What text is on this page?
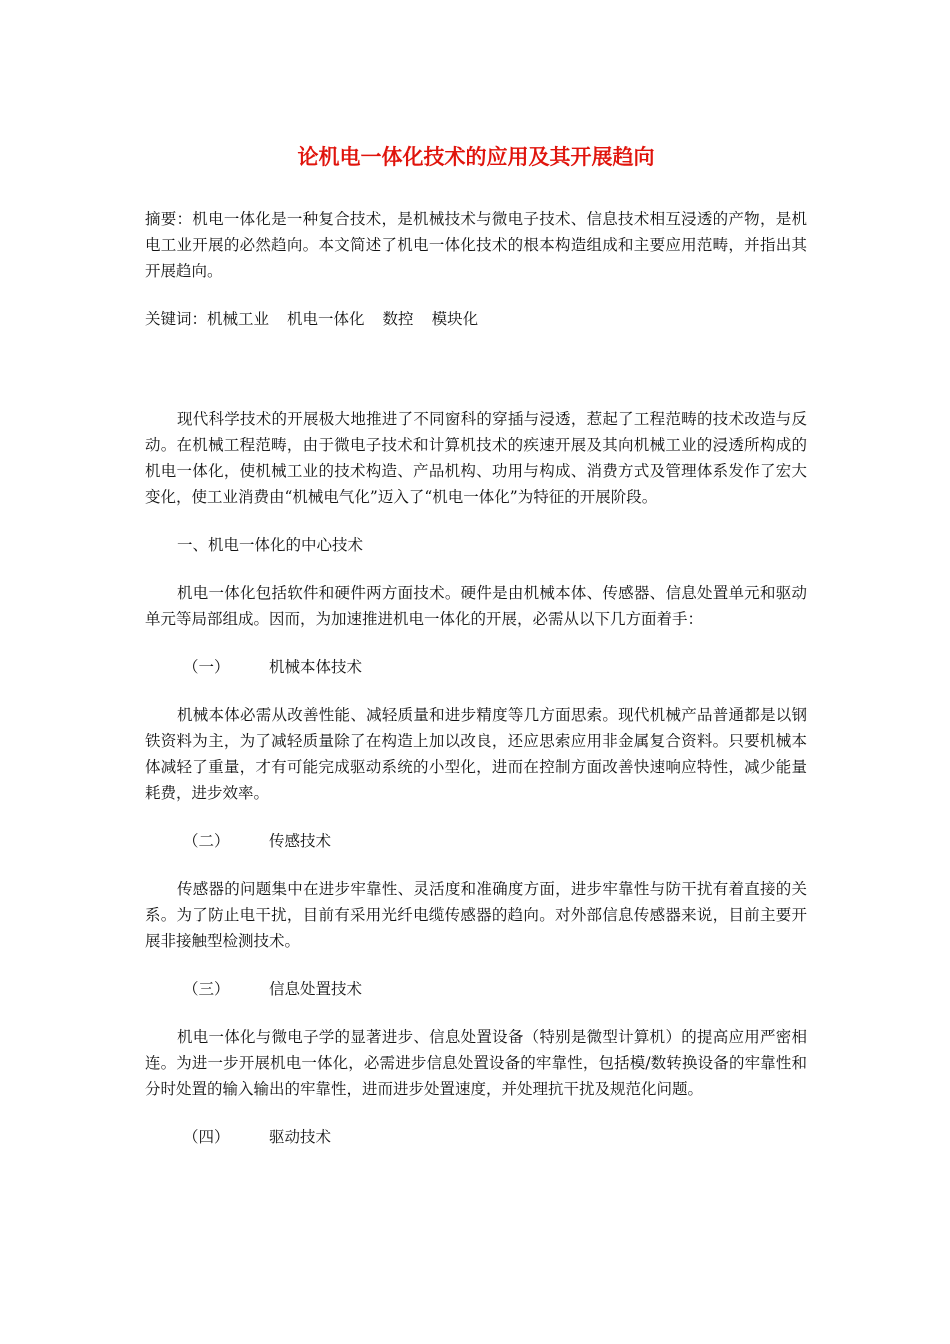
论机电一体化技术的应用及其开展趋向

摘要：机电一体化是一种复合技术，是机械技术与微电子技术、信息技术相互浸透的产物，是机电工业开展的必然趋向。本文简述了机电一体化技术的根本构造组成和主要应用范畴，并指出其开展趋向。

关键词：机械工业 机电一体化 数控 模块化

现代科学技术的开展极大地推进了不同窗科的穿插与浸透，惹起了工程范畴的技术改造与反动。在机械工程范畴，由于微电子技术和计算机技术的疾速开展及其向机械工业的浸透所构成的机电一体化，使机械工业的技术构造、产品机构、功用与构成、消费方式及管理体系发作了宏大变化，使工业消费由“机械电气化”迈入了“机电一体化”为特征的开展阶段。

一、机电一体化的中心技术

机电一体化包括软件和硬件两方面技术。硬件是由机械本体、传感器、信息处置单元和驱动单元等局部组成。因而，为加速推进机电一体化的开展，必需从以下几方面着手：

（一）	机械本体技术

机械本体必需从改善性能、减轻质量和进步精度等几方面思索。现代机械产品普通都是以钢铁资料为主，为了减轻质量除了在构造上加以改良，还应思索应用非金属复合资料。只要机械本体减轻了重量，才有可能完成驱动系统的小型化，进而在控制方面改善快速响应特性，减少能量耗费，进步效率。

（二）	传感技术

传感器的问题集中在进步牢靠性、灵活度和准确度方面，进步牢靠性与防干扰有着直接的关系。为了防止电干扰，目前有采用光纤电缆传感器的趋向。对外部信息传感器来说，目前主要开展非接触型检测技术。

（三）	信息处置技术

机电一体化与微电子学的显著进步、信息处置设备（特别是微型计算机）的提高应用严密相连。为进一步开展机电一体化，必需进步信息处置设备的牢靠性，包括模/数转换设备的牢靠性和分时处置的输入输出的牢靠性，进而进步处置速度，并处理抗干扰及规范化问题。

（四）	驱动技术
